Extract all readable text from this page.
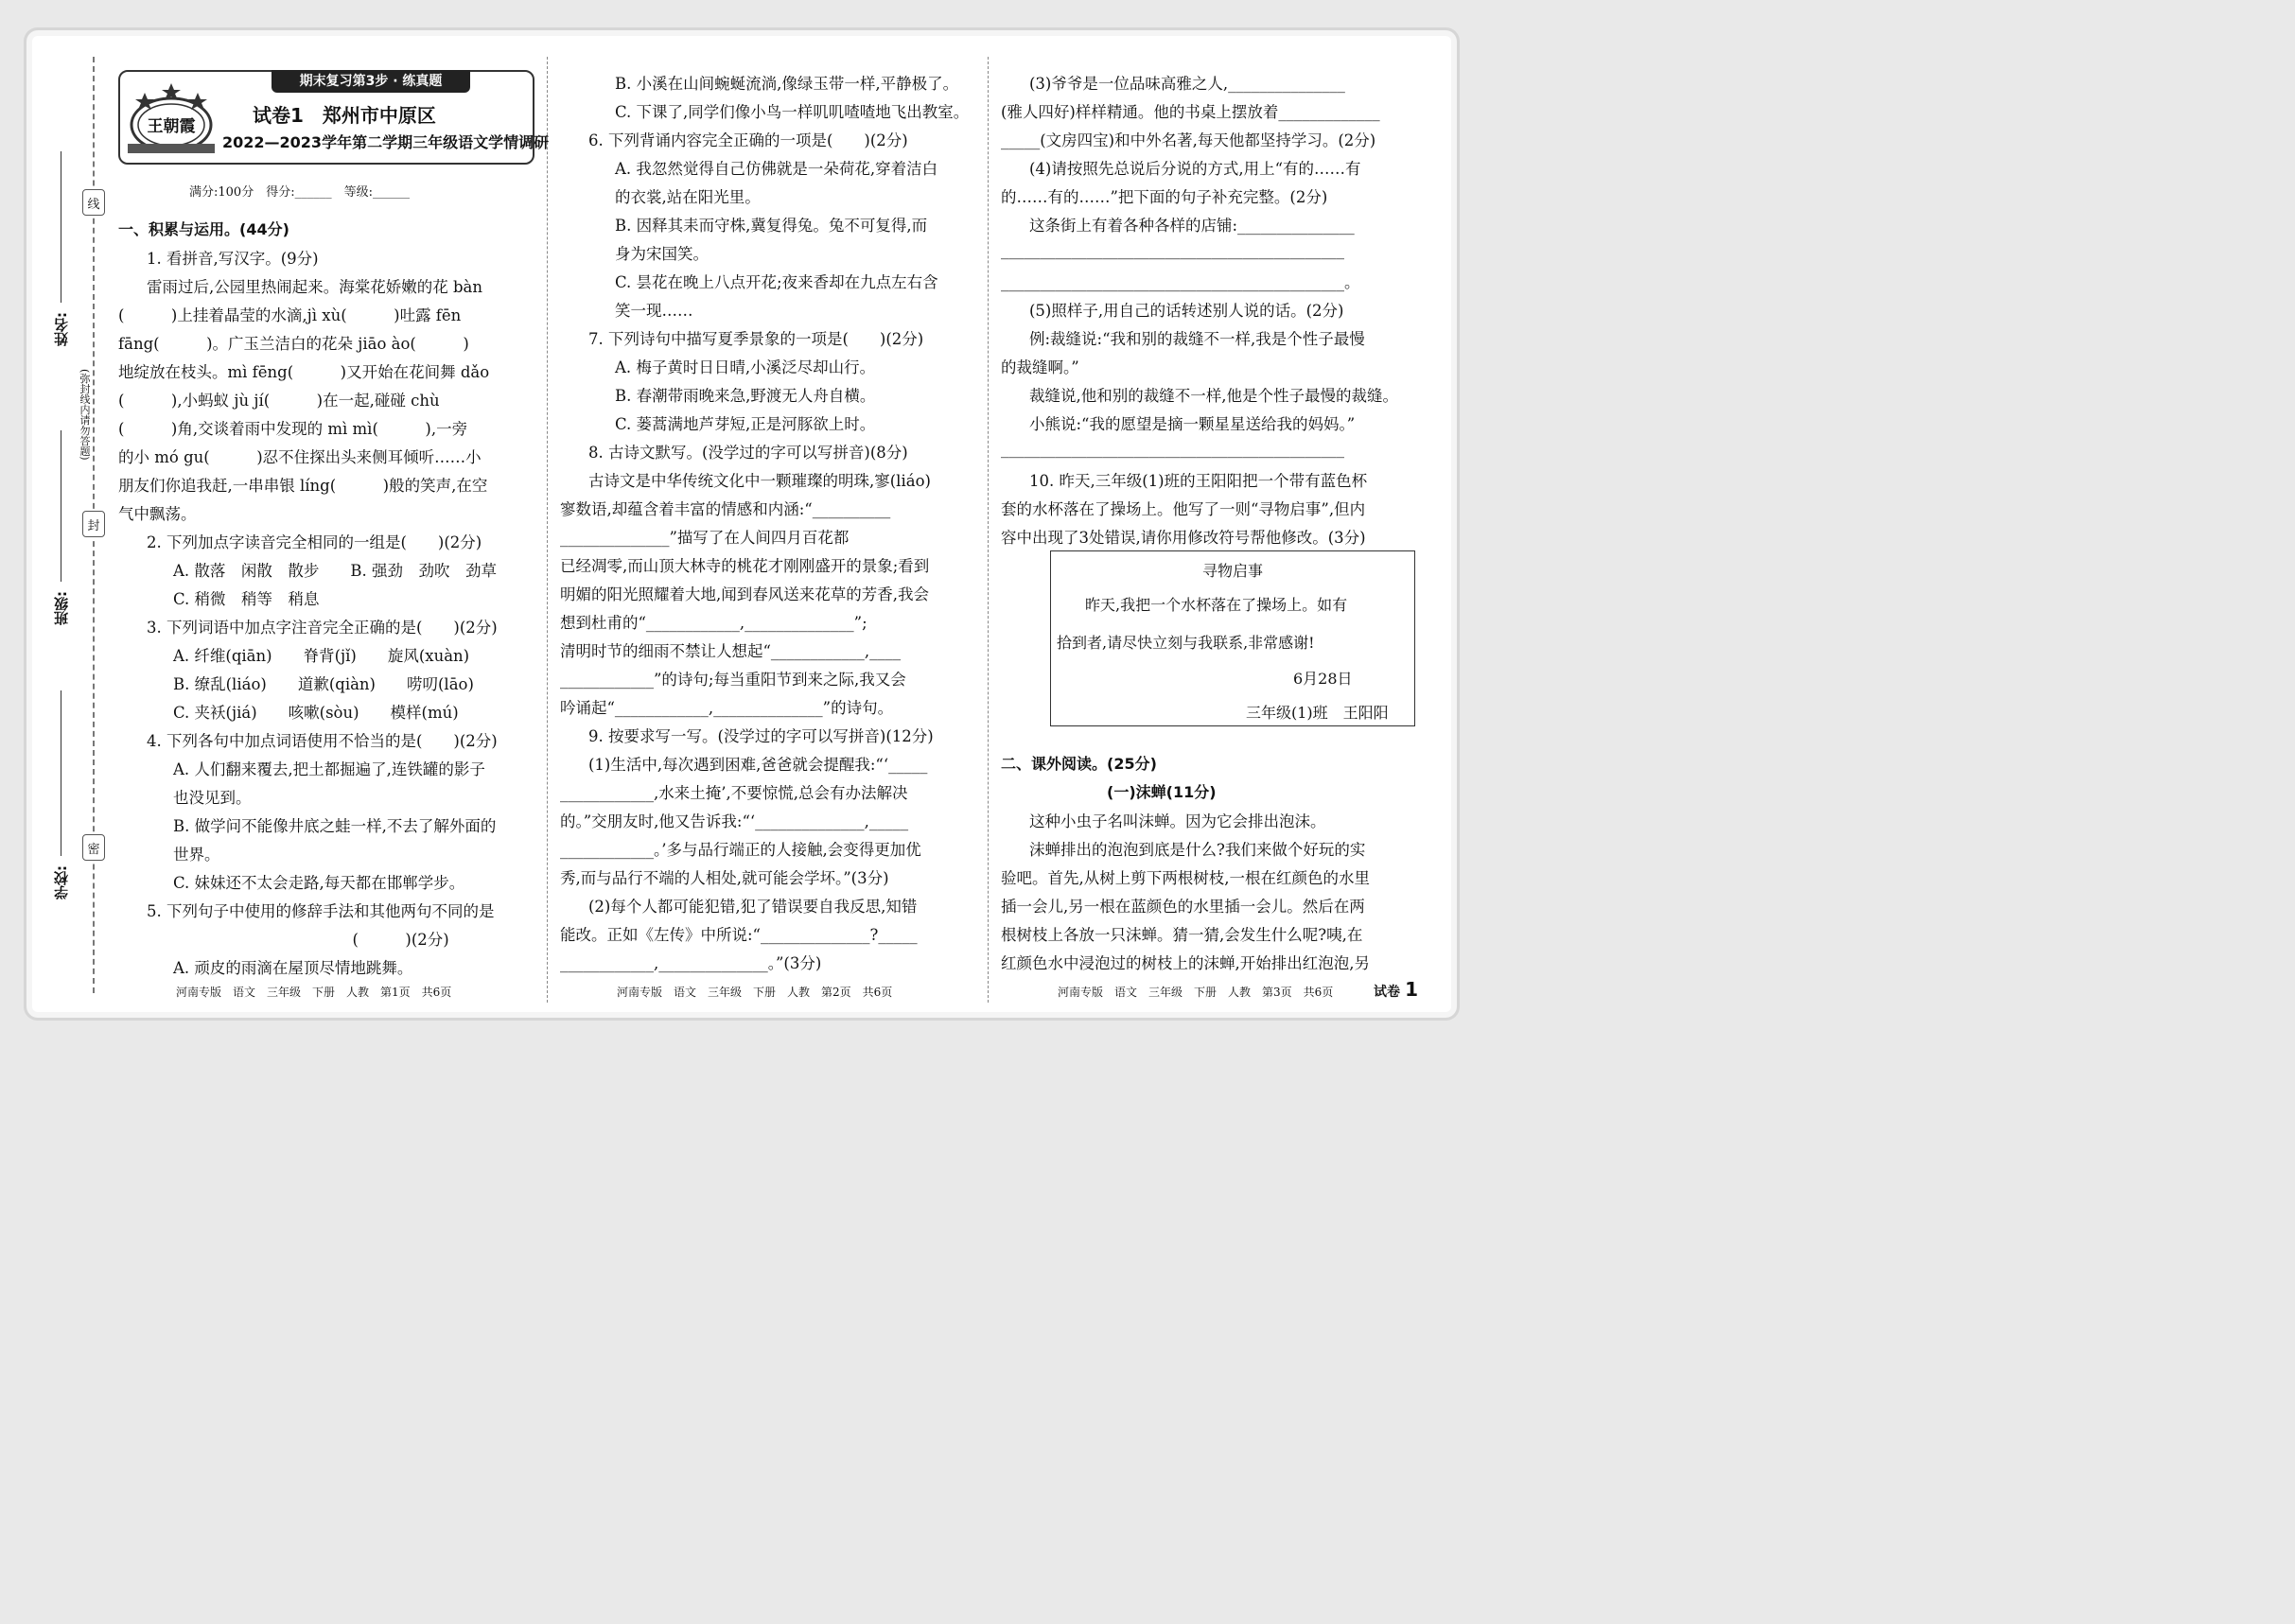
线
封
密
姓名:
班级:
学校:
(弥封线内请勿答题)
期末复习第3步 · 练真题
王朝霞	试卷1　郑州市中原区
2022—2023学年第二学期三年级语文学情调研
满分:100分　得分:______　等级:______
一、积累与运用。(44分)
1. 看拼音,写汉字。(9分)
雷雨过后,公园里热闹起来。海棠花娇嫩的花 bàn
(　　　)上挂着晶莹的水滴,jì xù(　　　)吐露 fēn
fāng(　　　)。广玉兰洁白的花朵 jiāo ào(　　　)
地绽放在枝头。mì fēng(　　　)又开始在花间舞 dǎo
(　　　),小蚂蚁 jù jí(　　　)在一起,碰碰 chù
(　　　)角,交谈着雨中发现的 mì mì(　　　),一旁
的小 mó gu(　　　)忍不住探出头来侧耳倾听……小
朋友们你追我赶,一串串银 líng(　　　)般的笑声,在空
气中飘荡。
2. 下列加点字读音完全相同的一组是(　　)(2分)
A. 散落　闲散　散步　　B. 强劲　劲吹　劲草
C. 稍微　稍等　稍息
3. 下列词语中加点字注音完全正确的是(　　)(2分)
A. 纤维(qiān)　　脊背(jǐ)　　旋风(xuàn)
B. 缭乱(liáo)　　道歉(qiàn)　　唠叨(lāo)
C. 夹袄(jiá)　　咳嗽(sòu)　　模样(mú)
4. 下列各句中加点词语使用不恰当的是(　　)(2分)
A. 人们翻来覆去,把土都掘遍了,连铁罐的影子
也没见到。
B. 做学问不能像井底之蛙一样,不去了解外面的
世界。
C. 妹妹还不太会走路,每天都在邯郸学步。
5. 下列句子中使用的修辞手法和其他两句不同的是
　　　　　　　　　　　　　　　(　　　)(2分)
A. 顽皮的雨滴在屋顶尽情地跳舞。
B. 小溪在山间蜿蜒流淌,像绿玉带一样,平静极了。
C. 下课了,同学们像小鸟一样叽叽喳喳地飞出教室。
6. 下列背诵内容完全正确的一项是(　　)(2分)
A. 我忽然觉得自己仿佛就是一朵荷花,穿着洁白
的衣裳,站在阳光里。
B. 因释其耒而守株,冀复得兔。兔不可复得,而
身为宋国笑。
C. 昙花在晚上八点开花;夜来香却在九点左右含
笑一现……
7. 下列诗句中描写夏季景象的一项是(　　)(2分)
A. 梅子黄时日日晴,小溪泛尽却山行。
B. 春潮带雨晚来急,野渡无人舟自横。
C. 蒌蒿满地芦芽短,正是河豚欲上时。
8. 古诗文默写。(没学过的字可以写拼音)(8分)
古诗文是中华传统文化中一颗璀璨的明珠,寥(liáo)
寥数语,却蕴含着丰富的情感和内涵:“__________
______________”描写了在人间四月百花都
已经凋零,而山顶大林寺的桃花才刚刚盛开的景象;看到
明媚的阳光照耀着大地,闻到春风送来花草的芳香,我会
想到杜甫的“____________,______________”;
清明时节的细雨不禁让人想起“____________,____
____________”的诗句;每当重阳节到来之际,我又会
吟诵起“____________,______________”的诗句。
9. 按要求写一写。(没学过的字可以写拼音)(12分)
(1)生活中,每次遇到困难,爸爸就会提醒我:“‘_____
____________,水来土掩’,不要惊慌,总会有办法解决
的。”交朋友时,他又告诉我:“‘______________,_____
____________。’多与品行端正的人接触,会变得更加优
秀,而与品行不端的人相处,就可能会学坏。”(3分)
(2)每个人都可能犯错,犯了错误要自我反思,知错
能改。正如《左传》中所说:“______________?_____
____________,______________。”(3分)
(3)爷爷是一位品味高雅之人,_______________
(雅人四好)样样精通。他的书桌上摆放着_____________
_____(文房四宝)和中外名著,每天他都坚持学习。(2分)
(4)请按照先总说后分说的方式,用上“有的……有
的……有的……”把下面的句子补充完整。(2分)
这条街上有着各种各样的店铺:_______________
____________________________________________
____________________________________________。
(5)照样子,用自己的话转述别人说的话。(2分)
例:裁缝说:“我和别的裁缝不一样,我是个性子最慢
的裁缝啊。”
裁缝说,他和别的裁缝不一样,他是个性子最慢的裁缝。
小熊说:“我的愿望是摘一颗星星送给我的妈妈。”
____________________________________________
10. 昨天,三年级(1)班的王阳阳把一个带有蓝色杯
套的水杯落在了操场上。他写了一则“寻物启事”,但内
容中出现了3处错误,请你用修改符号帮他修改。(3分)
二、课外阅读。(25分)
　　　　　　　(一)沫蝉(11分)
这种小虫子名叫沫蝉。因为它会排出泡沫。
沫蝉排出的泡泡到底是什么?我们来做个好玩的实
验吧。首先,从树上剪下两根树枝,一根在红颜色的水里
插一会儿,另一根在蓝颜色的水里插一会儿。然后在两
根树枝上各放一只沫蝉。猜一猜,会发生什么呢?咦,在
红颜色水中浸泡过的树枝上的沫蝉,开始排出红泡泡,另
寻物启事
昨天,我把一个水杯落在了操场上。如有
拾到者,请尽快立刻与我联系,非常感谢!
6月28日
三年级(1)班　王阳阳
河南专版　语文　三年级　下册　人教　第1页　共6页	河南专版　语文　三年级　下册　人教　第2页　共6页	河南专版　语文　三年级　下册　人教　第3页　共6页	试卷 1
